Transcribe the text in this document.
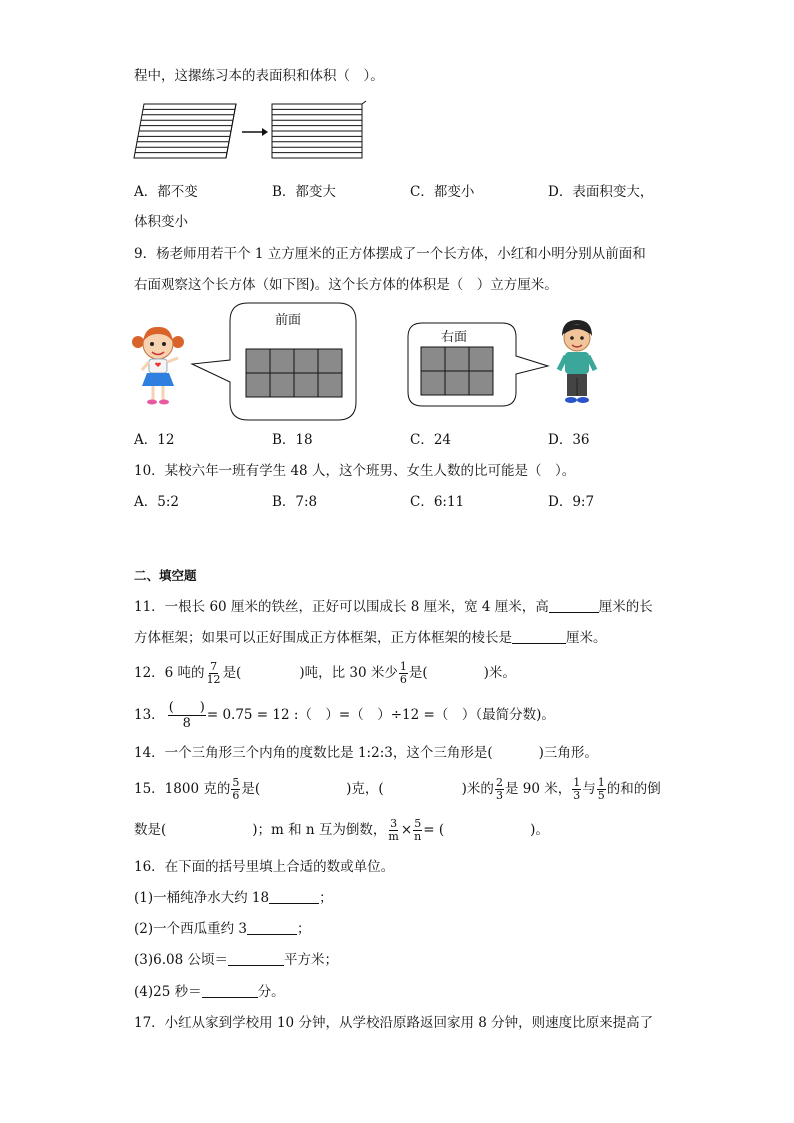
程中，这摞练习本的表面积和体积（　）。
A．都不变	B．都变大	C．都变小	D．表面积变大，
体积变小
9．杨老师用若干个 1 立方厘米的正方体摆成了一个长方体，小红和小明分别从前面和
右面观察这个长方体（如下图)。这个长方体的体积是（　）立方厘米。
前面
右面
A．12	B．18	C．24	D．36
10．某校六年一班有学生 48 人，这个班男、女生人数的比可能是（　）。
A．5:2	B．7:8	C．6:11	D．9:7
二、填空题
11．一根长 60 厘米的铁丝，正好可以围成长 8 厘米，宽 4 厘米，高	厘米的长
方体框架；如果可以正好围成正方体框架，正方体框架的棱长是	厘米。
12．6 吨的 $\frac{7}{12}$ 是(	)吨，比 30 米少 $\frac{1}{6}$ 是(	)米。
13． $\frac{( )}{8} = 0.75 = 12$ :（　）=（　）÷12 =（　）（最简分数)。
14．一个三角形三个内角的度数比是 1:2:3，这个三角形是(	)三角形。
15．1800 克的 $\frac{5}{6}$ 是(	)克，(	)米的 $\frac{2}{3}$ 是 90 米， $\frac{1}{3}$ 与 $\frac{1}{5}$ 的和的倒
数是(	)；m 和 n 互为倒数， $\frac{3}{m} \times \frac{5}{n}$ = (	)。
16．在下面的括号里填上合适的数或单位。
(1)一桶纯净水大约 18	；
(2)一个西瓜重约 3	；
(3)6.08 公顷＝	平方米；
(4)25 秒＝	分。
17．小红从家到学校用 10 分钟，从学校沿原路返回家用 8 分钟，则速度比原来提高了
